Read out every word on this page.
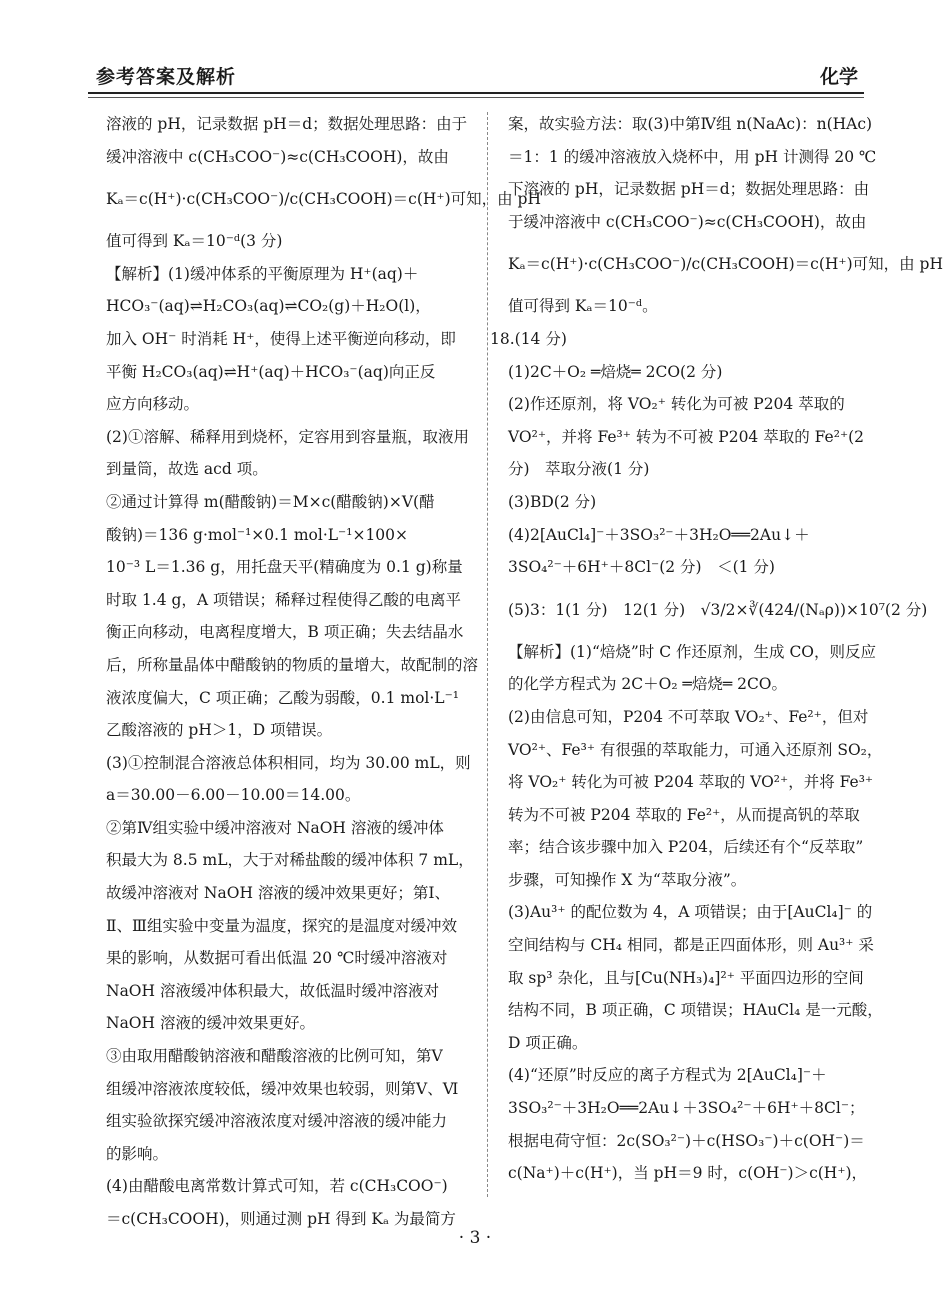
参考答案及解析	化学
溶液的 pH，记录数据 pH＝d；数据处理思路：由于
缓冲溶液中 c(CH₃COO⁻)≈c(CH₃COOH)，故由
Kₐ＝c(H⁺)·c(CH₃COO⁻)/c(CH₃COOH)＝c(H⁺)可知，由 pH
值可得到 Kₐ＝10⁻ᵈ(3 分)
【解析】(1)缓冲体系的平衡原理为 H⁺(aq)＋
HCO₃⁻(aq)⇌H₂CO₃(aq)⇌CO₂(g)＋H₂O(l)，
加入 OH⁻ 时消耗 H⁺，使得上述平衡逆向移动，即
平衡 H₂CO₃(aq)⇌H⁺(aq)＋HCO₃⁻(aq)向正反
应方向移动。
(2)①溶解、稀释用到烧杯，定容用到容量瓶，取液用
到量筒，故选 acd 项。
②通过计算得 m(醋酸钠)＝M×c(醋酸钠)×V(醋
酸钠)＝136 g·mol⁻¹×0.1 mol·L⁻¹×100×
10⁻³ L＝1.36 g，用托盘天平(精确度为 0.1 g)称量
时取 1.4 g，A 项错误；稀释过程使得乙酸的电离平
衡正向移动，电离程度增大，B 项正确；失去结晶水
后，所称量晶体中醋酸钠的物质的量增大，故配制的溶
液浓度偏大，C 项正确；乙酸为弱酸，0.1 mol·L⁻¹
乙酸溶液的 pH＞1，D 项错误。
(3)①控制混合溶液总体积相同，均为 30.00 mL，则
a＝30.00－6.00－10.00＝14.00。
②第Ⅳ组实验中缓冲溶液对 NaOH 溶液的缓冲体
积最大为 8.5 mL，大于对稀盐酸的缓冲体积 7 mL，
故缓冲溶液对 NaOH 溶液的缓冲效果更好；第Ⅰ、
Ⅱ、Ⅲ组实验中变量为温度，探究的是温度对缓冲效
果的影响，从数据可看出低温 20 ℃时缓冲溶液对
NaOH 溶液缓冲体积最大，故低温时缓冲溶液对
NaOH 溶液的缓冲效果更好。
③由取用醋酸钠溶液和醋酸溶液的比例可知，第Ⅴ
组缓冲溶液浓度较低，缓冲效果也较弱，则第Ⅴ、Ⅵ
组实验欲探究缓冲溶液浓度对缓冲溶液的缓冲能力
的影响。
(4)由醋酸电离常数计算式可知，若 c(CH₃COO⁻)
＝c(CH₃COOH)，则通过测 pH 得到 Kₐ 为最简方
案，故实验方法：取(3)中第Ⅳ组 n(NaAc)：n(HAc)
＝1：1 的缓冲溶液放入烧杯中，用 pH 计测得 20 ℃
下溶液的 pH，记录数据 pH＝d；数据处理思路：由
于缓冲溶液中 c(CH₃COO⁻)≈c(CH₃COOH)，故由
Kₐ＝c(H⁺)·c(CH₃COO⁻)/c(CH₃COOH)＝c(H⁺)可知，由 pH
值可得到 Kₐ＝10⁻ᵈ。
18.(14 分)
(1)2C＋O₂ ═焙烧═ 2CO(2 分)
(2)作还原剂，将 VO₂⁺ 转化为可被 P204 萃取的
VO²⁺，并将 Fe³⁺ 转为不可被 P204 萃取的 Fe²⁺(2
分)　萃取分液(1 分)
(3)BD(2 分)
(4)2[AuCl₄]⁻＋3SO₃²⁻＋3H₂O══2Au↓＋
3SO₄²⁻＋6H⁺＋8Cl⁻(2 分)　＜(1 分)
(5)3：1(1 分)　12(1 分)　√3/2×∛(424/(Nₐρ))×10⁷(2 分)
【解析】(1)“焙烧”时 C 作还原剂，生成 CO，则反应
的化学方程式为 2C＋O₂ ═焙烧═ 2CO。
(2)由信息可知，P204 不可萃取 VO₂⁺、Fe²⁺，但对
VO²⁺、Fe³⁺ 有很强的萃取能力，可通入还原剂 SO₂，
将 VO₂⁺ 转化为可被 P204 萃取的 VO²⁺，并将 Fe³⁺
转为不可被 P204 萃取的 Fe²⁺，从而提高钒的萃取
率；结合该步骤中加入 P204，后续还有个“反萃取”
步骤，可知操作 X 为“萃取分液”。
(3)Au³⁺ 的配位数为 4，A 项错误；由于[AuCl₄]⁻ 的
空间结构与 CH₄ 相同，都是正四面体形，则 Au³⁺ 采
取 sp³ 杂化，且与[Cu(NH₃)₄]²⁺ 平面四边形的空间
结构不同，B 项正确，C 项错误；HAuCl₄ 是一元酸，
D 项正确。
(4)“还原”时反应的离子方程式为 2[AuCl₄]⁻＋
3SO₃²⁻＋3H₂O══2Au↓＋3SO₄²⁻＋6H⁺＋8Cl⁻；
根据电荷守恒：2c(SO₃²⁻)＋c(HSO₃⁻)＋c(OH⁻)＝
c(Na⁺)＋c(H⁺)，当 pH＝9 时，c(OH⁻)＞c(H⁺)，
· 3 ·
